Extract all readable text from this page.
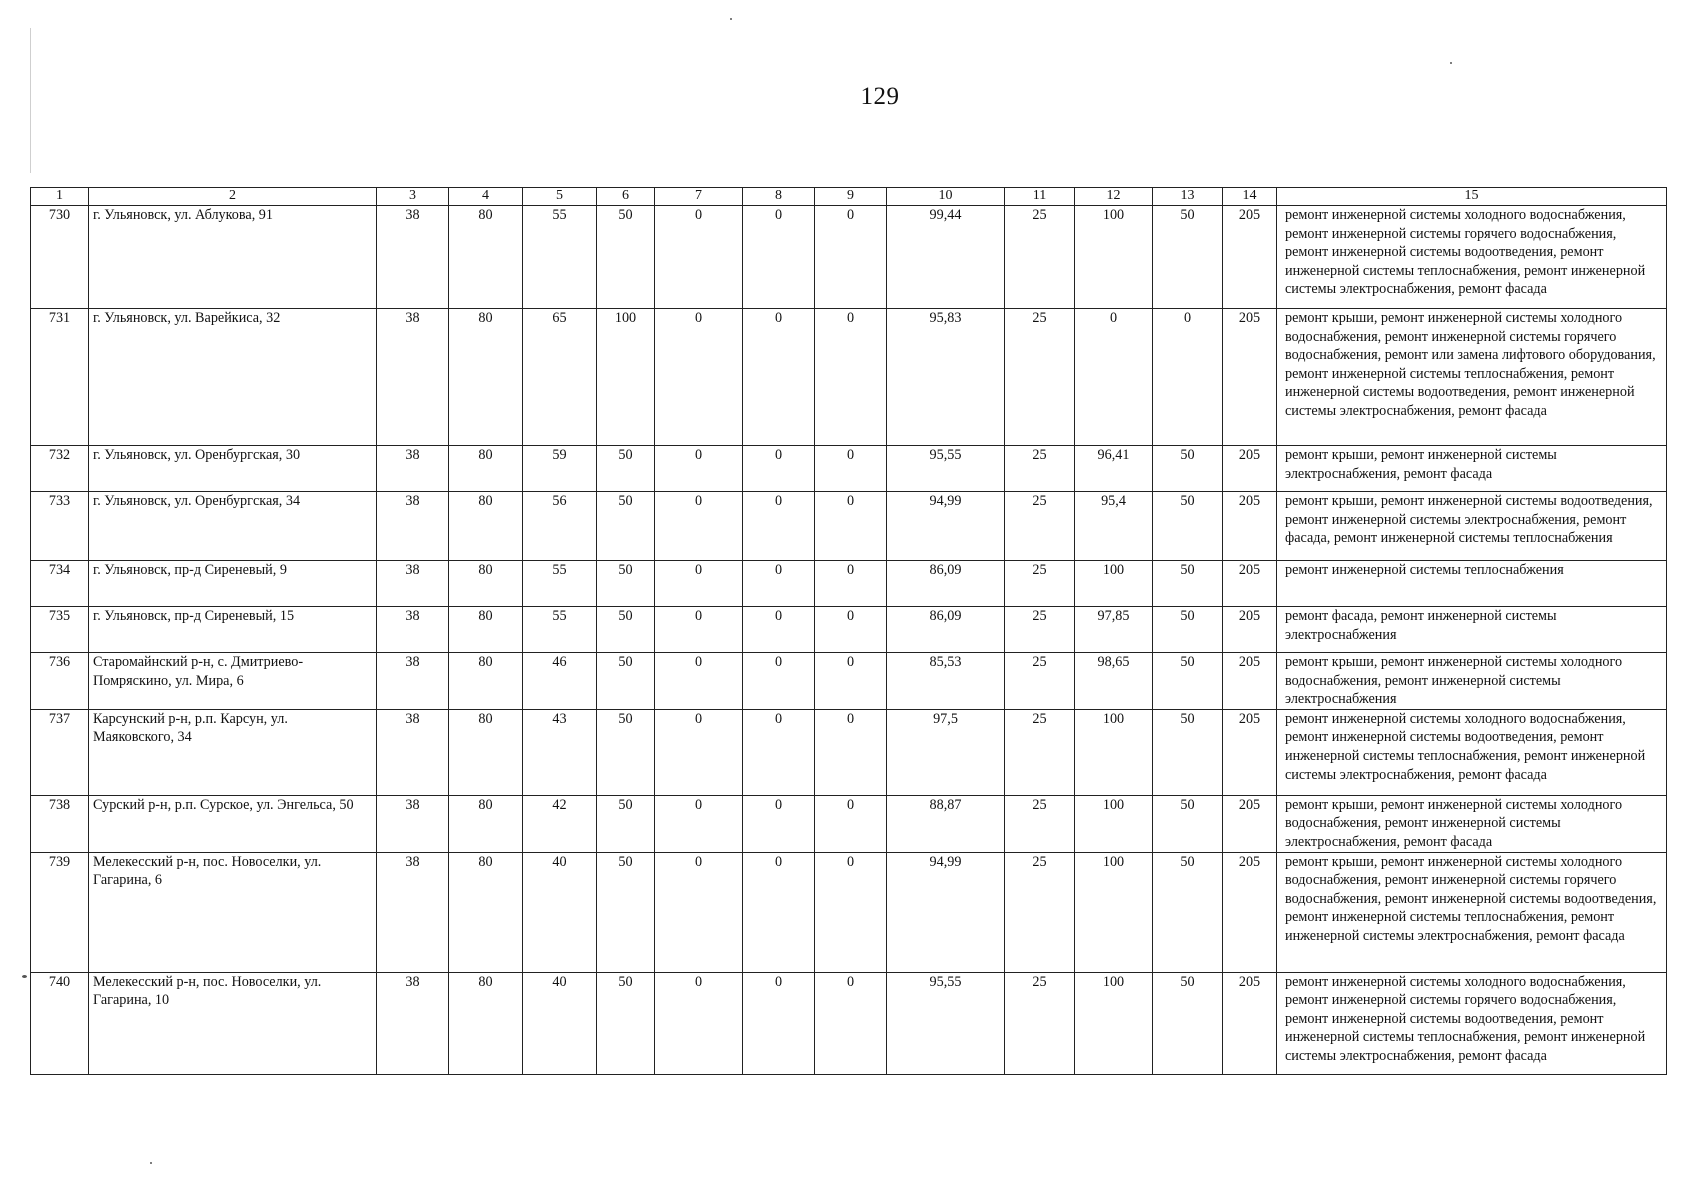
129
1	2	3	4	5	6	7	8	9	10	11	12	13	14	15
730	г. Ульяновск, ул. Аблукова, 91	38	80	55	50	0	0	0	99,44	25	100	50	205	ремонт инженерной системы холодного водоснабжения, ремонт инженерной системы горячего водоснабжения, ремонт инженерной системы водоотведения, ремонт инженерной системы теплоснабжения, ремонт инженерной системы электроснабжения, ремонт фасада
731	г. Ульяновск, ул. Варейкиса, 32	38	80	65	100	0	0	0	95,83	25	0	0	205	ремонт крыши, ремонт инженерной системы холодного водоснабжения, ремонт инженерной системы горячего водоснабжения, ремонт или замена лифтового оборудования, ремонт инженерной системы теплоснабжения, ремонт инженерной системы водоотведения, ремонт инженерной системы электроснабжения, ремонт фасада
732	г. Ульяновск, ул. Оренбургская, 30	38	80	59	50	0	0	0	95,55	25	96,41	50	205	ремонт крыши, ремонт инженерной системы электроснабжения, ремонт фасада
733	г. Ульяновск, ул. Оренбургская, 34	38	80	56	50	0	0	0	94,99	25	95,4	50	205	ремонт крыши, ремонт инженерной системы водоотведения, ремонт инженерной системы электроснабжения, ремонт фасада, ремонт инженерной системы теплоснабжения
734	г. Ульяновск, пр-д Сиреневый, 9	38	80	55	50	0	0	0	86,09	25	100	50	205	ремонт инженерной системы теплоснабжения
735	г. Ульяновск, пр-д Сиреневый, 15	38	80	55	50	0	0	0	86,09	25	97,85	50	205	ремонт фасада, ремонт инженерной системы электроснабжения
736	Старомайнский р-н, с. Дмитриево-Помряскино, ул. Мира, 6	38	80	46	50	0	0	0	85,53	25	98,65	50	205	ремонт крыши, ремонт инженерной системы холодного водоснабжения, ремонт инженерной системы электроснабжения
737	Карсунский р-н, р.п. Карсун, ул. Маяковского, 34	38	80	43	50	0	0	0	97,5	25	100	50	205	ремонт инженерной системы холодного водоснабжения, ремонт инженерной системы водоотведения, ремонт инженерной системы теплоснабжения, ремонт инженерной системы электроснабжения, ремонт фасада
738	Сурский р-н, р.п. Сурское, ул. Энгельса, 50	38	80	42	50	0	0	0	88,87	25	100	50	205	ремонт крыши, ремонт инженерной системы холодного водоснабжения, ремонт инженерной системы электроснабжения, ремонт фасада
739	Мелекесский р-н, пос. Новоселки, ул. Гагарина, 6	38	80	40	50	0	0	0	94,99	25	100	50	205	ремонт крыши, ремонт инженерной системы холодного водоснабжения, ремонт инженерной системы горячего водоснабжения, ремонт инженерной системы водоотведения, ремонт инженерной системы теплоснабжения, ремонт инженерной системы электроснабжения, ремонт фасада
740	Мелекесский р-н, пос. Новоселки, ул. Гагарина, 10	38	80	40	50	0	0	0	95,55	25	100	50	205	ремонт инженерной системы холодного водоснабжения, ремонт инженерной системы горячего водоснабжения, ремонт инженерной системы водоотведения, ремонт инженерной системы теплоснабжения, ремонт инженерной системы электроснабжения, ремонт фасада
